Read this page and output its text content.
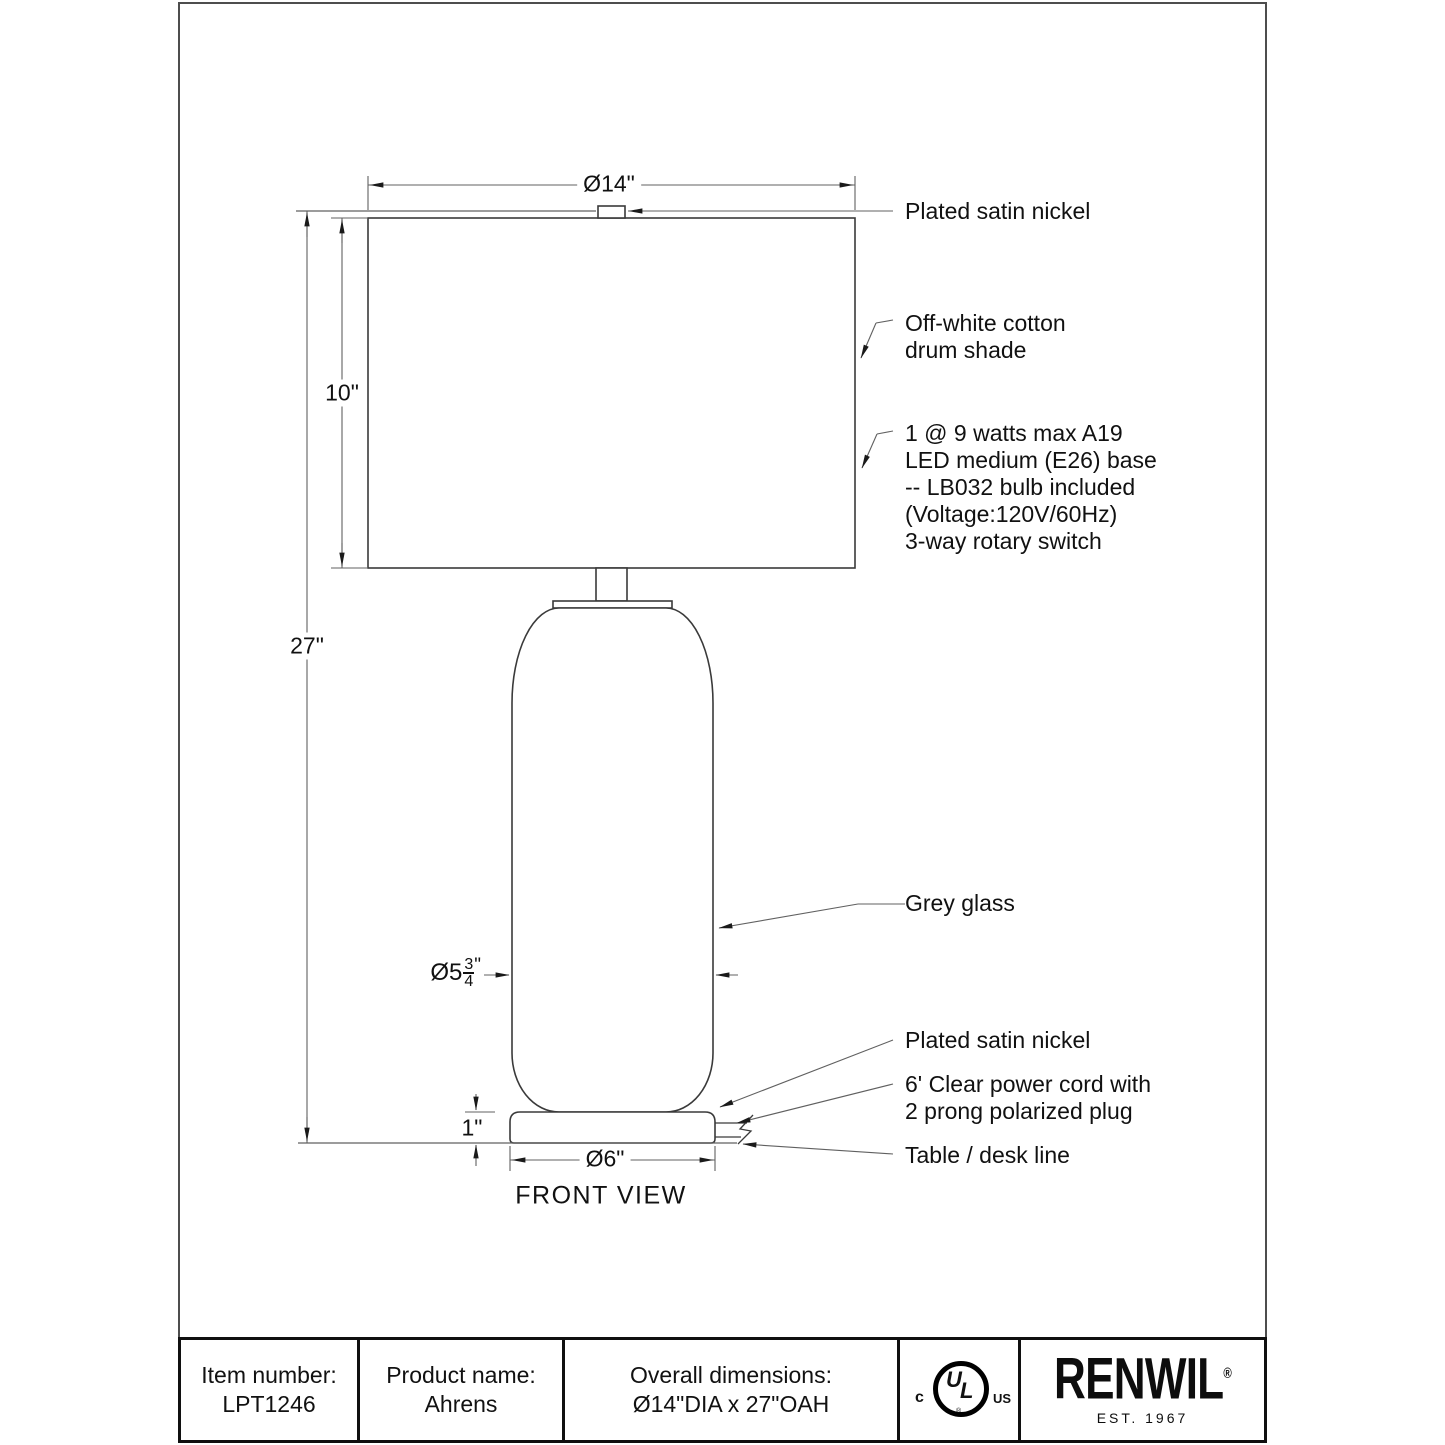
Ø14"
10"
27"
Ø6"
1"
Ø5 $\frac{3}{4}$ "
Plated satin nickel
Off-white cotton
drum shade
1 @ 9 watts max A19
LED medium (E26) base
-- LB032 bulb included
(Voltage:120V/60Hz)
3-way rotary switch
Grey glass
Plated satin nickel
6' Clear power cord with
2 prong polarized plug
Table / desk line
FRONT VIEW
Item number:
LPT1246
Product name:
Ahrens
Overall dimensions:
Ø14"DIA x 27"OAH	c
U
L
®
US RENWIL®
EST. 1967
